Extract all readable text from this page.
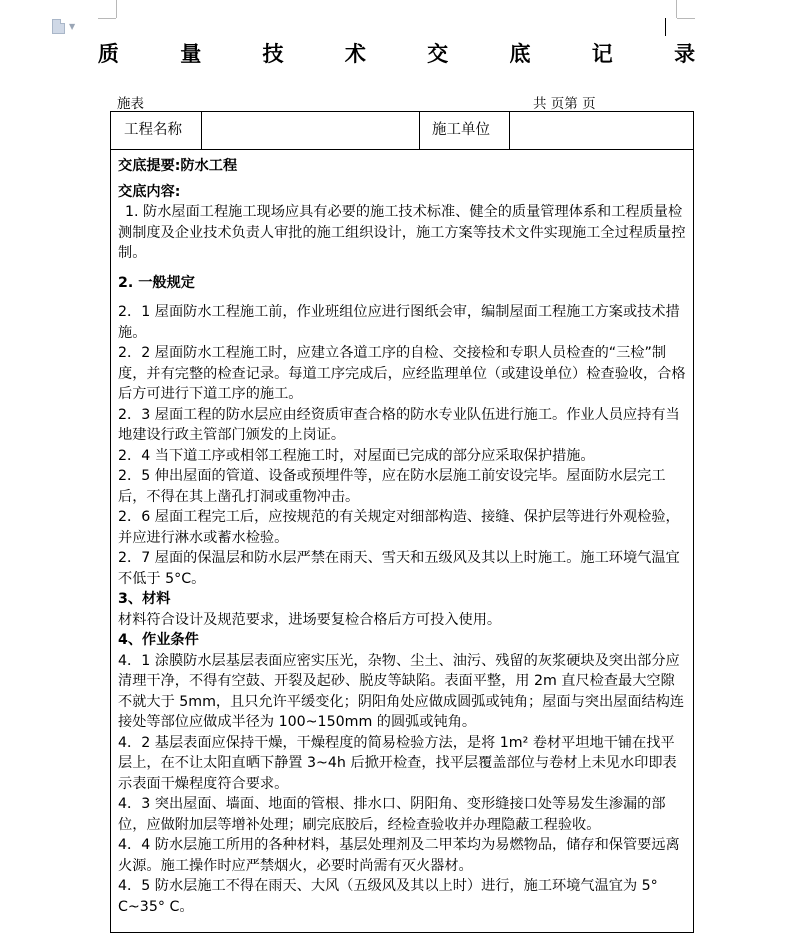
▼
质 量 技 术 交 底 记 录
施表	共 页第 页
工程名称	施工单位

交底提要:防水工程

交底内容:

1. 防水屋面工程施工现场应具有必要的施工技术标准、健全的质量管理体系和工程质量检测制度及企业技术负责人审批的施工组织设计，施工方案等技术文件实现施工全过程质量控制。

2. 一般规定

2．1 屋面防水工程施工前，作业班组位应进行图纸会审，编制屋面工程施工方案或技术措施。

2．2 屋面防水工程施工时，应建立各道工序的自检、交接检和专职人员检查的“三检”制度，并有完整的检查记录。每道工序完成后，应经监理单位（或建设单位）检查验收，合格后方可进行下道工序的施工。

2．3 屋面工程的防水层应由经资质审查合格的防水专业队伍进行施工。作业人员应持有当地建设行政主管部门颁发的上岗证。

2．4 当下道工序或相邻工程施工时，对屋面已完成的部分应采取保护措施。

2．5 伸出屋面的管道、设备或预埋件等，应在防水层施工前安设完毕。屋面防水层完工后，不得在其上凿孔打洞或重物冲击。

2．6 屋面工程完工后，应按规范的有关规定对细部构造、接缝、保护层等进行外观检验，并应进行淋水或蓄水检验。

2．7 屋面的保温层和防水层严禁在雨天、雪天和五级风及其以上时施工。施工环境气温宜不低于 5°C。

3、材料

材料符合设计及规范要求，进场要复检合格后方可投入使用。

4、作业条件

4．1 涂膜防水层基层表面应密实压光，杂物、尘土、油污、残留的灰浆硬块及突出部分应清理干净，不得有空鼓、开裂及起砂、脱皮等缺陷。表面平整，用 2m 直尺检查最大空隙不就大于 5mm，且只允许平缓变化；阴阳角处应做成圆弧或钝角；屋面与突出屋面结构连接处等部位应做成半径为 100~150mm 的圆弧或钝角。

4．2 基层表面应保持干燥，干燥程度的简易检验方法，是将 1m² 卷材平坦地干铺在找平层上，在不让太阳直晒下静置 3~4h 后掀开检查，找平层覆盖部位与卷材上未见水印即表示表面干燥程度符合要求。

4．3 突出屋面、墙面、地面的管根、排水口、阴阳角、变形缝接口处等易发生渗漏的部位，应做附加层等增补处理；刷完底胶后，经检查验收并办理隐蔽工程验收。

4．4 防水层施工所用的各种材料，基层处理剂及二甲苯均为易燃物品，储存和保管要远离火源。施工操作时应严禁烟火，必要时尚需有灭火器材。

4．5 防水层施工不得在雨天、大风（五级风及其以上时）进行，施工环境气温宜为 5° C~35° C。
